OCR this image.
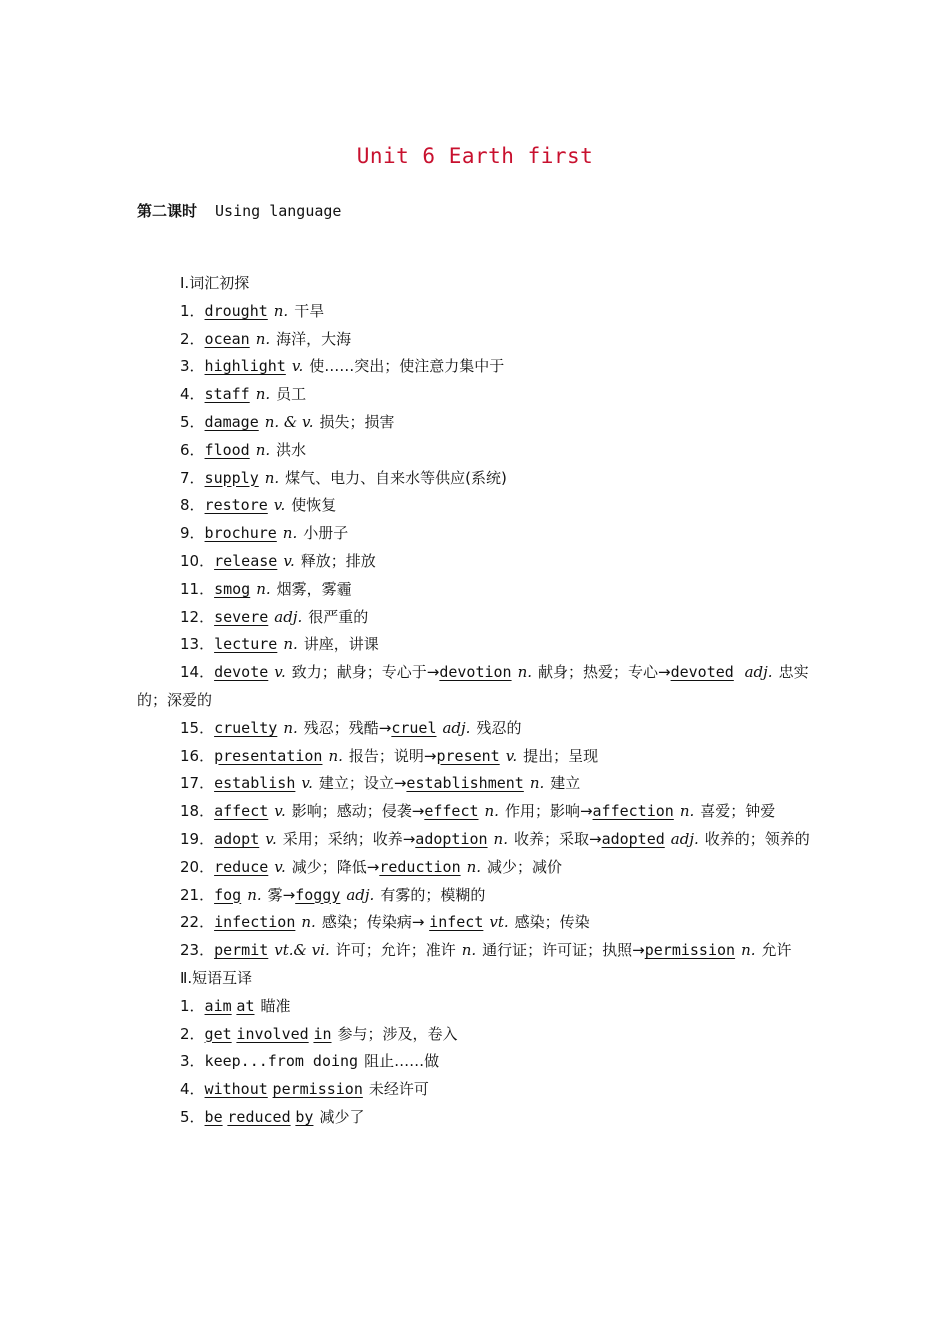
Unit 6 Earth first
第二课时 Using language
Ⅰ.词汇初探
1．drought n. 干旱
2．ocean n. 海洋，大海
3．highlight v. 使……突出；使注意力集中于
4．staff n. 员工
5．damage n. & v. 损失；损害
6．flood n. 洪水
7．supply n. 煤气、电力、自来水等供应(系统)
8．restore v. 使恢复
9．brochure n. 小册子
10．release v. 释放；排放
11．smog n. 烟雾，雾霾
12．severe adj. 很严重的
13．lecture n. 讲座，讲课
14．devote v. 致力；献身；专心于→devotion n. 献身；热爱；专心→devoted adj. 忠实的；深爱的
15．cruelty n. 残忍；残酷→cruel adj. 残忍的
16．presentation n. 报告；说明→present v. 提出；呈现
17．establish v. 建立；设立→establishment n. 建立
18．affect v. 影响；感动；侵袭→effect n. 作用；影响→affection n. 喜爱；钟爱
19．adopt v. 采用；采纳；收养→adoption n. 收养；采取→adopted adj. 收养的；领养的
20．reduce v. 减少；降低→reduction n. 减少；减价
21．fog n. 雾→foggy adj. 有雾的；模糊的
22．infection n. 感染；传染病→ infect vt. 感染；传染
23．permit vt.& vi. 许可；允许；准许 n. 通行证；许可证；执照→permission n. 允许
Ⅱ.短语互译
1．aim at 瞄准
2．get involved in 参与；涉及，卷入
3．keep...from doing 阻止……做
4．without permission 未经许可
5．be reduced by 减少了
